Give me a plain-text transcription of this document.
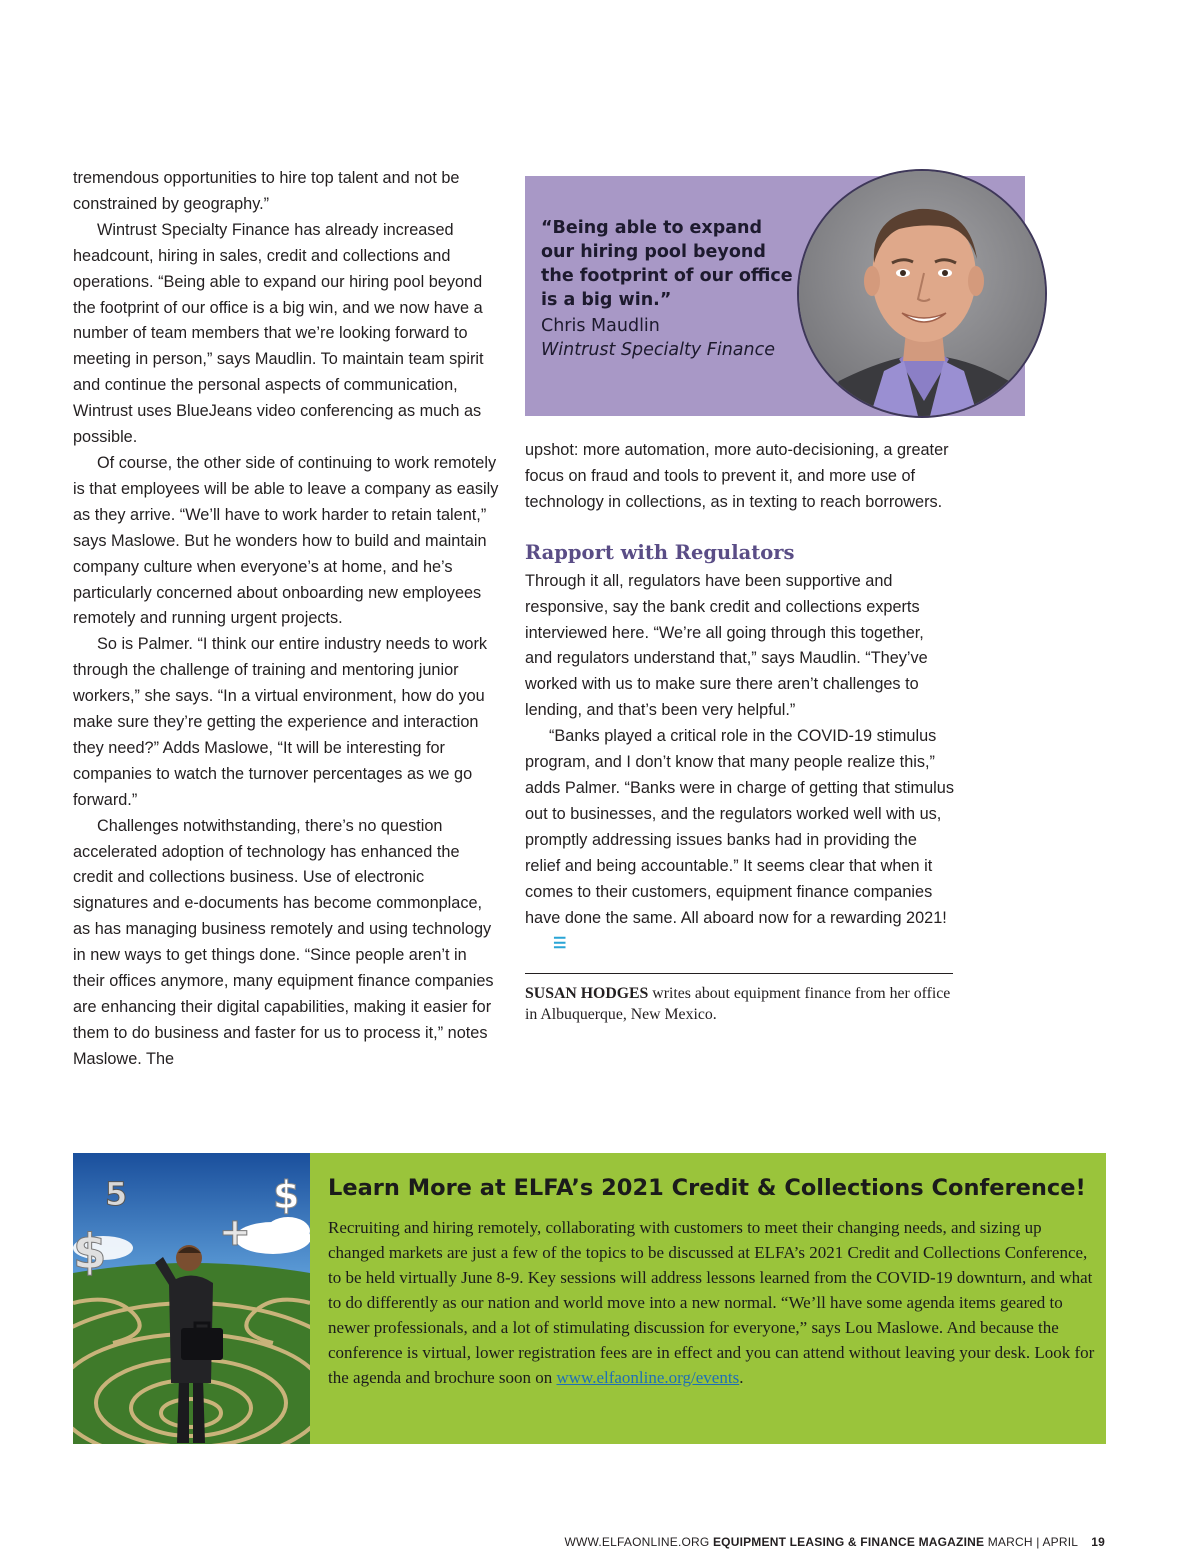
tremendous opportunities to hire top talent and not be constrained by geography.”

Wintrust Specialty Finance has already increased headcount, hiring in sales, credit and collections and operations. “Being able to expand our hiring pool beyond the footprint of our office is a big win, and we now have a number of team members that we’re looking forward to meeting in person,” says Maudlin. To maintain team spirit and continue the personal aspects of communication, Wintrust uses BlueJeans video conferencing as much as possible.

Of course, the other side of continuing to work remotely is that employees will be able to leave a company as easily as they arrive. “We’ll have to work harder to retain talent,” says Maslowe. But he wonders how to build and maintain company culture when everyone’s at home, and he’s particularly concerned about onboarding new employees remotely and running urgent projects.

So is Palmer. “I think our entire industry needs to work through the challenge of training and mentoring junior workers,” she says. “In a virtual environment, how do you make sure they’re getting the experience and interaction they need?” Adds Maslowe, “It will be interesting for companies to watch the turnover percentages as we go forward.”

Challenges notwithstanding, there’s no question accelerated adoption of technology has enhanced the credit and collections business. Use of electronic signatures and e-documents has become commonplace, as has managing business remotely and using technology in new ways to get things done. “Since people aren’t in their offices anymore, many equipment finance companies are enhancing their digital capabilities, making it easier for them to do business and faster for us to process it,” notes Maslowe. The

“Being able to expand our hiring pool beyond the footprint of our office is a big win.”
Chris Maudlin
Wintrust Specialty Finance

upshot: more automation, more auto-decisioning, a greater focus on fraud and tools to prevent it, and more use of technology in collections, as in texting to reach borrowers.

Rapport with Regulators

Through it all, regulators have been supportive and responsive, say the bank credit and collections experts interviewed here. “We’re all going through this together, and regulators understand that,” says Maudlin. “They’ve worked with us to make sure there aren’t challenges to lending, and that’s been very helpful.”

“Banks played a critical role in the COVID-19 stimulus program, and I don’t know that many people realize this,” adds Palmer. “Banks were in charge of getting that stimulus out to businesses, and the regulators worked well with us, promptly addressing issues banks had in providing the relief and being accountable.” It seems clear that when it comes to their customers, equipment finance companies have done the same. All aboard now for a rewarding 2021!☰

SUSAN HODGES writes about equipment finance from her office in Albuquerque, New Mexico.

$
5
+
$
Learn More at ELFA’s 2021 Credit & Collections Conference!

Recruiting and hiring remotely, collaborating with customers to meet their changing needs, and sizing up changed markets are just a few of the topics to be discussed at ELFA’s 2021 Credit and Collections Conference, to be held virtually June 8-9. Key sessions will address lessons learned from the COVID-19 downturn, and what to do differently as our nation and world move into a new normal. “We’ll have some agenda items geared to newer professionals, and a lot of stimulating discussion for everyone,” says Lou Maslowe. And because the conference is virtual, lower registration fees are in effect and you can attend without leaving your desk. Look for the agenda and brochure soon on www.elfaonline.org/events.

WWW.ELFAONLINE.ORG EQUIPMENT LEASING & FINANCE MAGAZINE MARCH | APRIL 19
